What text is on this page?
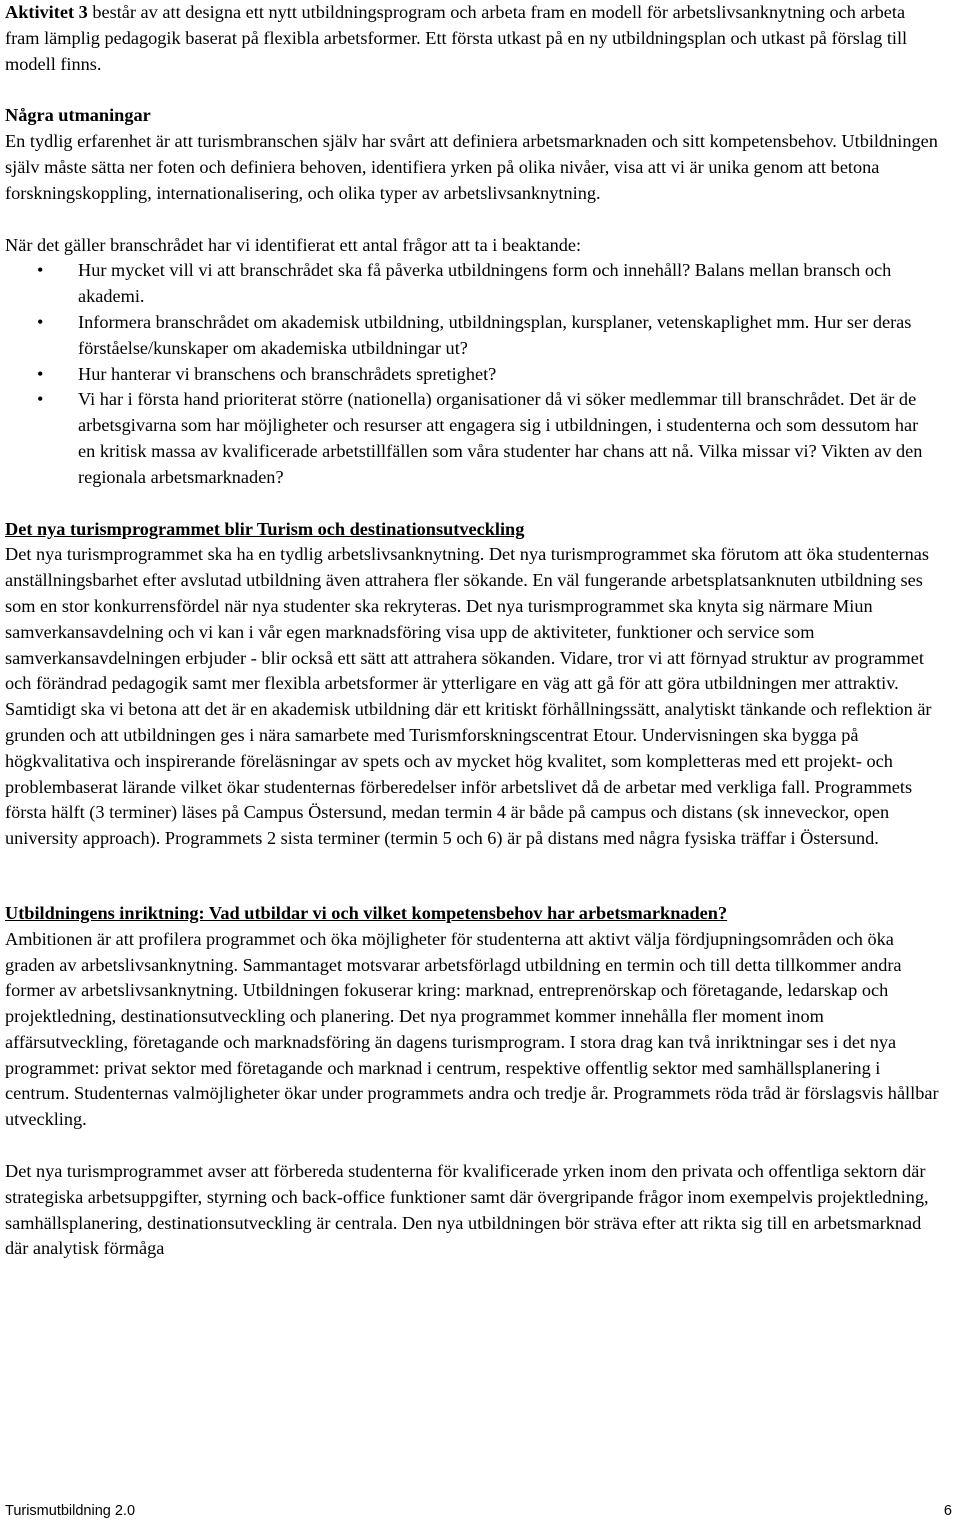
Aktivitet 3 består av att designa ett nytt utbildningsprogram och arbeta fram en modell för arbetslivsanknytning och arbeta fram lämplig pedagogik baserat på flexibla arbetsformer. Ett första utkast på en ny utbildningsplan och utkast på förslag till modell finns.

Några utmaningar

En tydlig erfarenhet är att turismbranschen själv har svårt att definiera arbetsmarknaden och sitt kompetensbehov. Utbildningen själv måste sätta ner foten och definiera behoven, identifiera yrken på olika nivåer, visa att vi är unika genom att betona forskningskoppling, internationalisering, och olika typer av arbetslivsanknytning.

När det gäller branschrådet har vi identifierat ett antal frågor att ta i beaktande:

• Hur mycket vill vi att branschrådet ska få påverka utbildningens form och innehåll? Balans mellan bransch och akademi.
• Informera branschrådet om akademisk utbildning, utbildningsplan, kursplaner, vetenskaplighet mm. Hur ser deras förståelse/kunskaper om akademiska utbildningar ut?
• Hur hanterar vi branschens och branschrådets spretighet?
• Vi har i första hand prioriterat större (nationella) organisationer då vi söker medlemmar till branschrådet. Det är de arbetsgivarna som har möjligheter och resurser att engagera sig i utbildningen, i studenterna och som dessutom har en kritisk massa av kvalificerade arbetstillfällen som våra studenter har chans att nå. Vilka missar vi? Vikten av den regionala arbetsmarknaden?

Det nya turismprogrammet blir Turism och destinationsutveckling

Det nya turismprogrammet ska ha en tydlig arbetslivsanknytning. Det nya turismprogrammet ska förutom att öka studenternas anställningsbarhet efter avslutad utbildning även attrahera fler sökande. En väl fungerande arbetsplatsanknuten utbildning ses som en stor konkurrensfördel när nya studenter ska rekryteras. Det nya turismprogrammet ska knyta sig närmare Miun samverkansavdelning och vi kan i vår egen marknadsföring visa upp de aktiviteter, funktioner och service som samverkansavdelningen erbjuder - blir också ett sätt att attrahera sökanden. Vidare, tror vi att förnyad struktur av programmet och förändrad pedagogik samt mer flexibla arbetsformer är ytterligare en väg att gå för att göra utbildningen mer attraktiv. Samtidigt ska vi betona att det är en akademisk utbildning där ett kritiskt förhållningssätt, analytiskt tänkande och reflektion är grunden och att utbildningen ges i nära samarbete med Turismforskningscentrat Etour. Undervisningen ska bygga på högkvalitativa och inspirerande föreläsningar av spets och av mycket hög kvalitet, som kompletteras med ett projekt- och problembaserat lärande vilket ökar studenternas förberedelser inför arbetslivet då de arbetar med verkliga fall. Programmets första hälft (3 terminer) läses på Campus Östersund, medan termin 4 är både på campus och distans (sk inneveckor, open university approach). Programmets 2 sista terminer (termin 5 och 6) är på distans med några fysiska träffar i Östersund.

Utbildningens inriktning: Vad utbildar vi och vilket kompetensbehov har arbetsmarknaden?

Ambitionen är att profilera programmet och öka möjligheter för studenterna att aktivt välja fördjupningsområden och öka graden av arbetslivsanknytning. Sammantaget motsvarar arbetsförlagd utbildning en termin och till detta tillkommer andra former av arbetslivsanknytning. Utbildningen fokuserar kring: marknad, entreprenörskap och företagande, ledarskap och projektledning, destinationsutveckling och planering. Det nya programmet kommer innehålla fler moment inom affärsutveckling, företagande och marknadsföring än dagens turismprogram. I stora drag kan två inriktningar ses i det nya programmet: privat sektor med företagande och marknad i centrum, respektive offentlig sektor med samhällsplanering i centrum. Studenternas valmöjligheter ökar under programmets andra och tredje år. Programmets röda tråd är förslagsvis hållbar utveckling.

Det nya turismprogrammet avser att förbereda studenterna för kvalificerade yrken inom den privata och offentliga sektorn där strategiska arbetsuppgifter, styrning och back-office funktioner samt där övergripande frågor inom exempelvis projektledning, samhällsplanering, destinationsutveckling är centrala. Den nya utbildningen bör sträva efter att rikta sig till en arbetsmarknad där analytisk förmåga

Turismutbildning 2.0	6
